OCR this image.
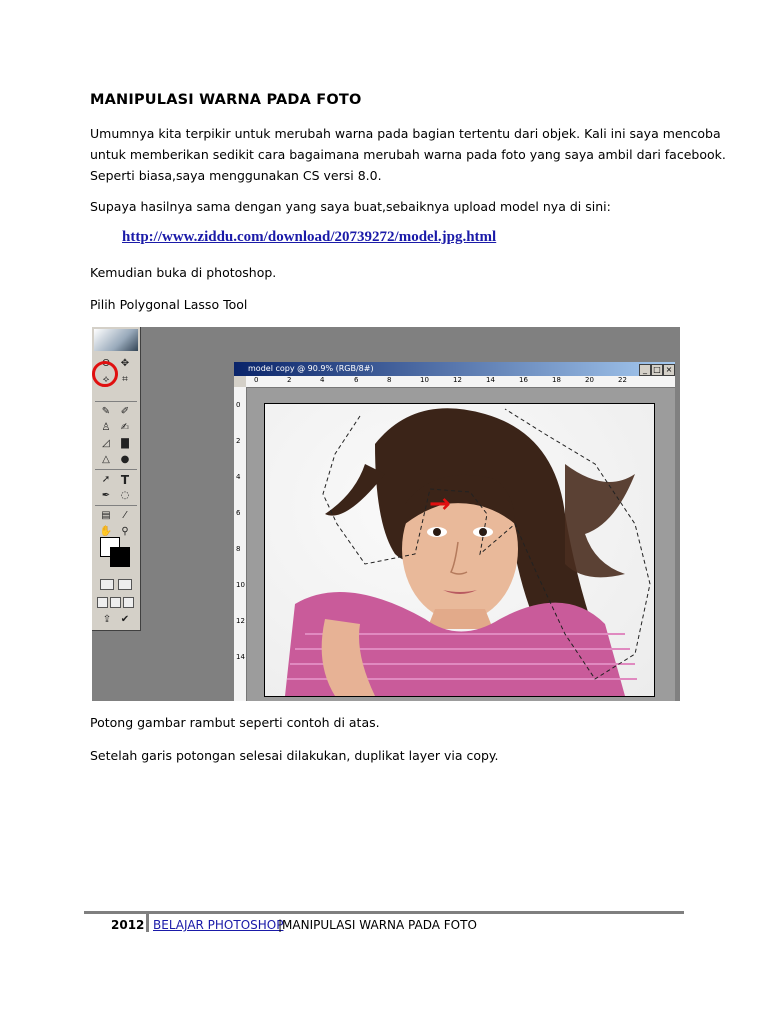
MANIPULASI WARNA PADA FOTO
Umumnya kita terpikir untuk merubah warna pada bagian tertentu dari objek. Kali ini saya mencoba
untuk memberikan sedikit cara bagaimana merubah warna pada foto yang saya ambil dari facebook.
Seperti biasa,saya menggunakan CS versi 8.0.
Supaya hasilnya sama dengan yang saya buat,sebaiknya upload model nya di sini:
http://www.ziddu.com/download/20739272/model.jpg.html
Kemudian buka di photoshop.
Pilih Polygonal Lasso Tool
ʘ	✥
⟡	⌗
✎ ✐
♙ ✍
◿	▇
△	●
➚ T
✒ ◌
▤	⁄
✋ ⚲
⇪ ✔
model copy @ 90.9% (RGB/8#)	_ □ ×
0	2	4	6	8	10	12	14	16	18	20	22
0
2
4
6
8
10
12
14
→
Potong gambar rambut seperti contoh di atas.
Setelah garis potongan selesai dilakukan, duplikat layer via copy.
2012 BELAJAR PHOTOSHOP
|MANIPULASI WARNA PADA FOTO
